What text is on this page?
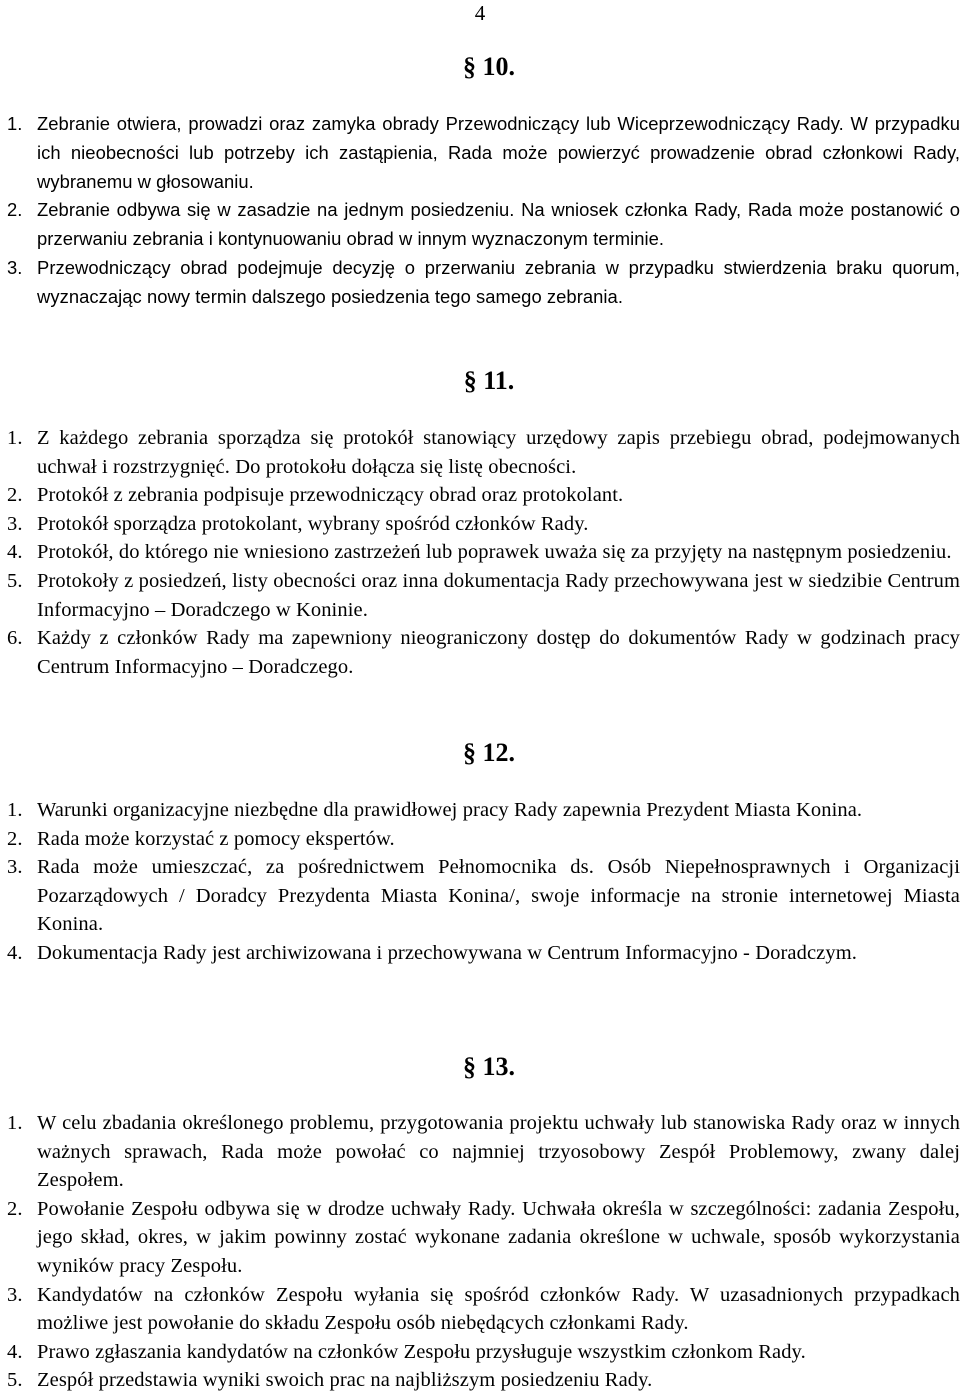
4
§ 10.
1. Zebranie otwiera, prowadzi oraz zamyka obrady Przewodniczący lub Wiceprzewodniczący Rady. W przypadku ich nieobecności lub potrzeby ich zastąpienia, Rada może powierzyć prowadzenie obrad członkowi Rady, wybranemu w głosowaniu.
2. Zebranie odbywa się w zasadzie na jednym posiedzeniu. Na wniosek członka Rady, Rada może postanowić o przerwaniu zebrania i kontynuowaniu obrad w innym wyznaczonym terminie.
3. Przewodniczący obrad podejmuje decyzję o przerwaniu zebrania w przypadku stwierdzenia braku quorum, wyznaczając nowy termin dalszego posiedzenia tego samego zebrania.
§ 11.
1. Z każdego zebrania sporządza się protokół stanowiący urzędowy zapis przebiegu obrad, podejmowanych uchwał i rozstrzygnięć. Do protokołu dołącza się listę obecności.
2. Protokół z zebrania podpisuje przewodniczący obrad oraz protokolant.
3. Protokół sporządza protokolant, wybrany spośród członków Rady.
4. Protokół, do którego nie wniesiono zastrzeżeń lub poprawek uważa się za przyjęty na następnym posiedzeniu.
5. Protokoły z posiedzeń, listy obecności oraz inna dokumentacja Rady przechowywana jest w siedzibie Centrum Informacyjno – Doradczego w Koninie.
6. Każdy z członków Rady ma zapewniony nieograniczony dostęp do dokumentów Rady w godzinach pracy Centrum Informacyjno – Doradczego.
§ 12.
1. Warunki organizacyjne niezbędne dla prawidłowej pracy Rady zapewnia Prezydent Miasta Konina.
2. Rada może korzystać z pomocy ekspertów.
3. Rada może umieszczać, za pośrednictwem Pełnomocnika ds. Osób Niepełnosprawnych i Organizacji Pozarządowych / Doradcy Prezydenta Miasta Konina/, swoje informacje na stronie internetowej Miasta Konina.
4. Dokumentacja Rady jest archiwizowana i przechowywana w Centrum Informacyjno - Doradczym.
§ 13.
1. W celu zbadania określonego problemu, przygotowania projektu uchwały lub stanowiska Rady oraz w innych ważnych sprawach, Rada może powołać co najmniej trzyosobowy Zespół Problemowy, zwany dalej Zespołem.
2. Powołanie Zespołu odbywa się w drodze uchwały Rady. Uchwała określa w szczególności: zadania Zespołu, jego skład, okres, w jakim powinny zostać wykonane zadania określone w uchwale, sposób wykorzystania wyników pracy Zespołu.
3. Kandydatów na członków Zespołu wyłania się spośród członków Rady. W uzasadnionych przypadkach możliwe jest powołanie do składu Zespołu osób niebędących członkami Rady.
4. Prawo zgłaszania kandydatów na członków Zespołu przysługuje wszystkim członkom Rady.
5. Zespół przedstawia wyniki swoich prac na najbliższym posiedzeniu Rady.
